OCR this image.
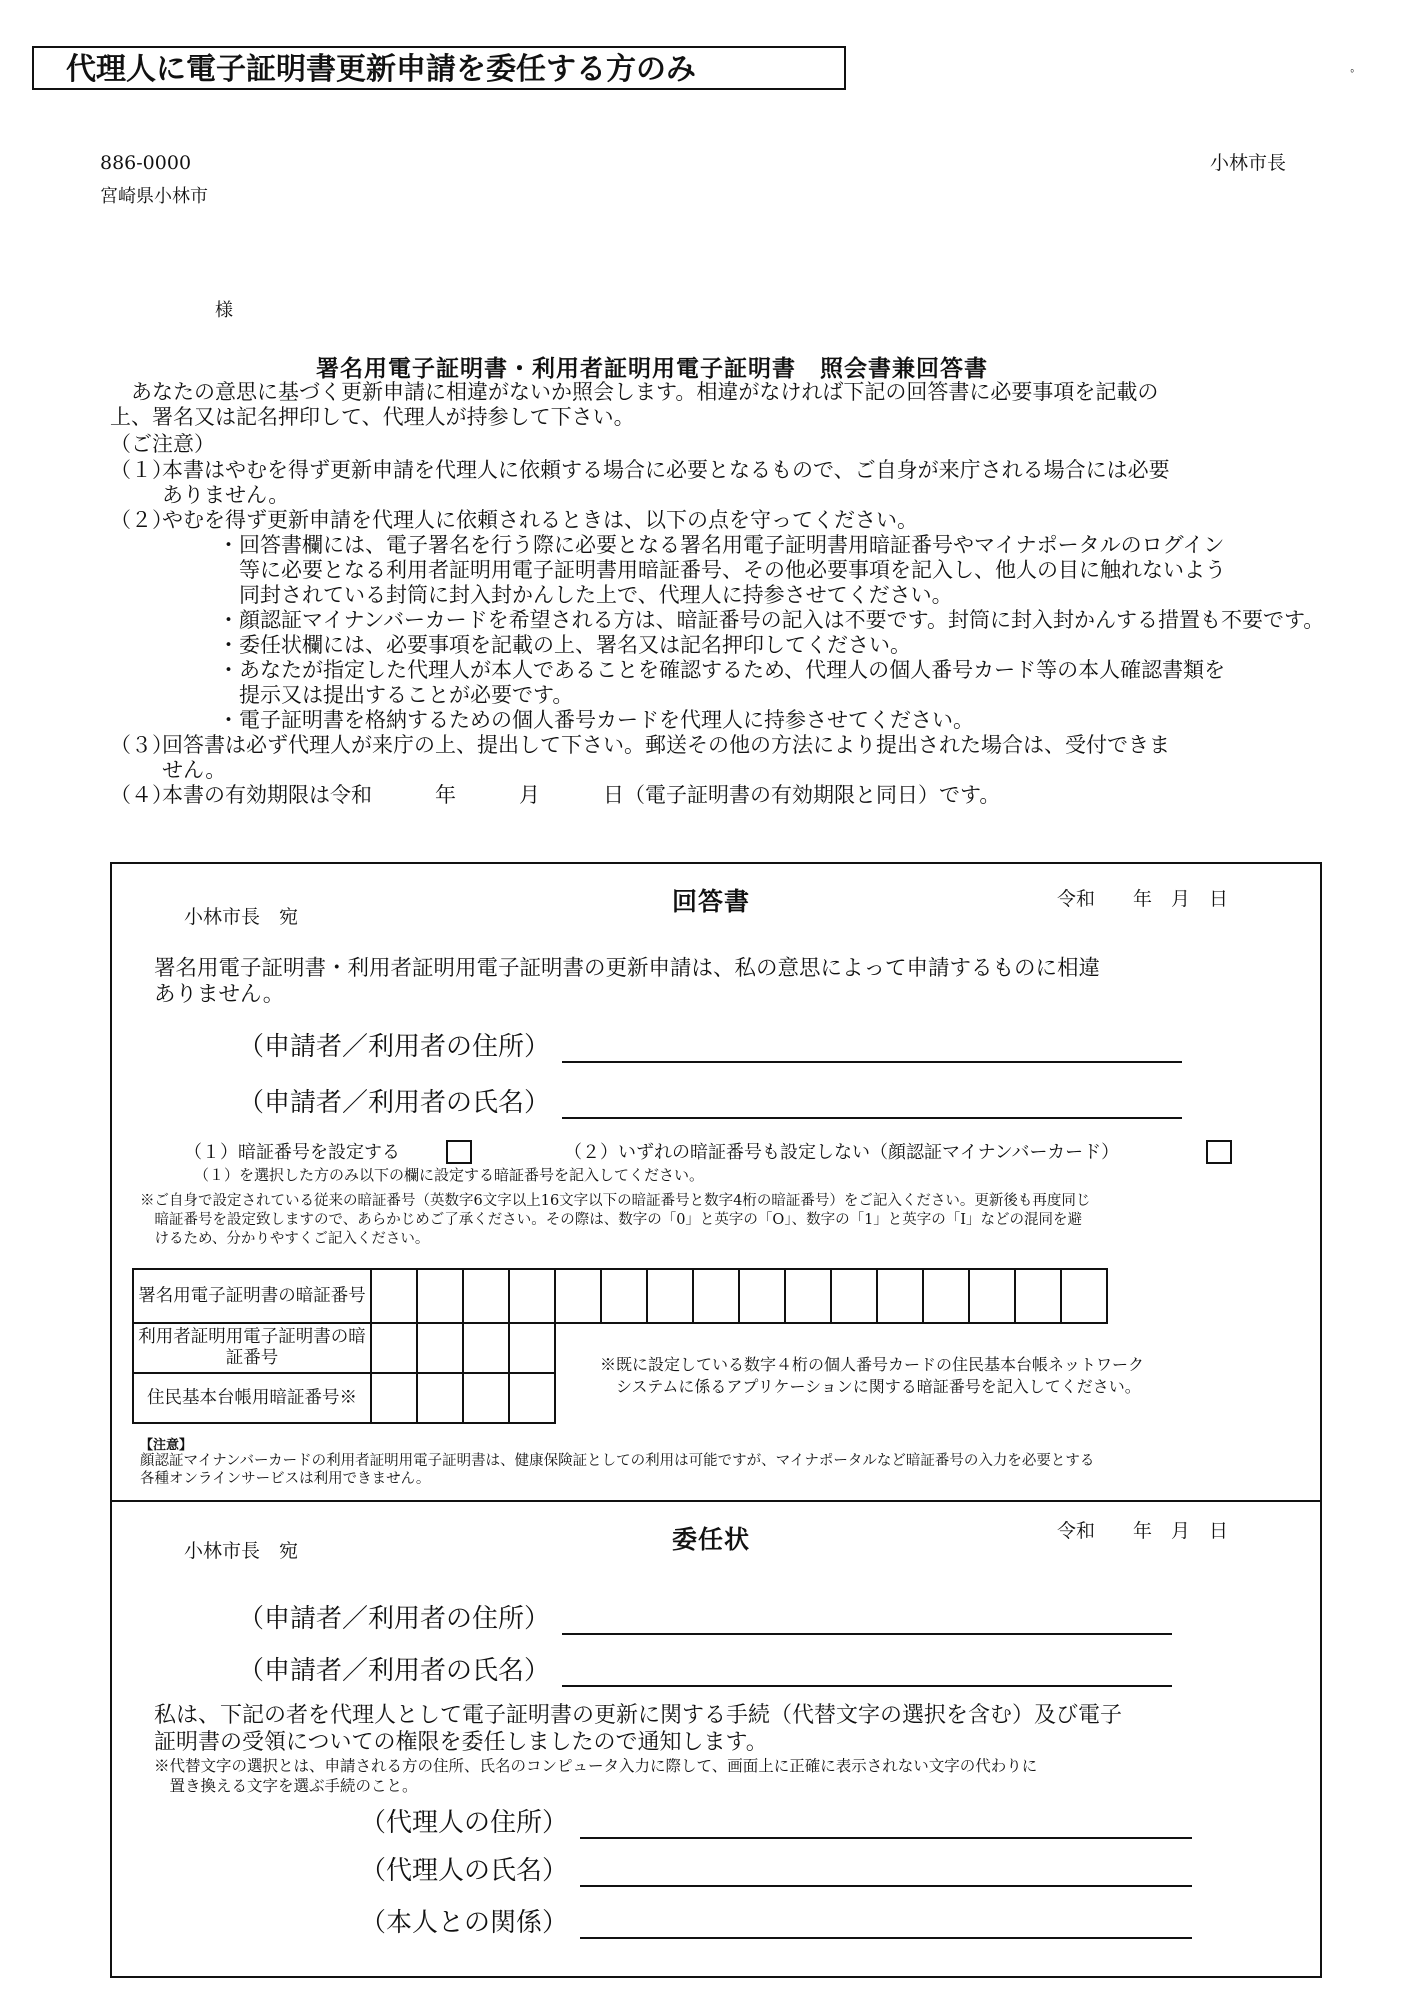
代理人に電子証明書更新申請を委任する方のみ	ﾟ
886-0000
宮崎県小林市
様
小林市長
署名用電子証明書・利用者証明用電子証明書　照会書兼回答書
　あなたの意思に基づく更新申請に相違がないか照会します。相違がなければ下記の回答書に必要事項を記載の
上、署名又は記名押印して、代理人が持参して下さい。
（ご注意）
（１）
本書はやむを得ず更新申請を代理人に依頼する場合に必要となるもので、ご自身が来庁される場合には必要
ありません。
（２）
やむを得ず更新申請を代理人に依頼されるときは、以下の点を守ってください。
・回答書欄には、電子署名を行う際に必要となる署名用電子証明書用暗証番号やマイナポータルのログイン
　等に必要となる利用者証明用電子証明書用暗証番号、その他必要事項を記入し、他人の目に触れないよう
　同封されている封筒に封入封かんした上で、代理人に持参させてください。
・顔認証マイナンバーカードを希望される方は、暗証番号の記入は不要です。封筒に封入封かんする措置も不要です。
・委任状欄には、必要事項を記載の上、署名又は記名押印してください。
・あなたが指定した代理人が本人であることを確認するため、代理人の個人番号カード等の本人確認書類を
　提示又は提出することが必要です。
・電子証明書を格納するための個人番号カードを代理人に持参させてください。
（３）
回答書は必ず代理人が来庁の上、提出して下さい。郵送その他の方法により提出された場合は、受付できま
せん。
（４）
本書の有効期限は令和　　　年　　　月　　　日（電子証明書の有効期限と同日）です。
小林市長　宛
回答書	令和　　年　月　日
署名用電子証明書・利用者証明用電子証明書の更新申請は、私の意思によって申請するものに相違
ありません。
（申請者／利用者の住所）
（申請者／利用者の氏名）
（１）暗証番号を設定する	（２）いずれの暗証番号も設定しない（顔認証マイナンバーカード）
（１）を選択した方のみ以下の欄に設定する暗証番号を記入してください。
※ご自身で設定されている従来の暗証番号（英数字6文字以上16文字以下の暗証番号と数字4桁の暗証番号）をご記入ください。更新後も再度同じ
　暗証番号を設定致しますので、あらかじめご了承ください。その際は、数字の「0」と英字の「O」、数字の「1」と英字の「I」などの混同を避
　けるため、分かりやすくご記入ください。
署名用電子証明書の暗証番号																
利用者証明用電子証明書の暗証番号																
住民基本台帳用暗証番号※																
※既に設定している数字４桁の個人番号カードの住民基本台帳ネットワーク
　システムに係るアプリケーションに関する暗証番号を記入してください。
【注意】
顔認証マイナンバーカードの利用者証明用電子証明書は、健康保険証としての利用は可能ですが、マイナポータルなど暗証番号の入力を必要とする
各種オンラインサービスは利用できません。
小林市長　宛	委任状	令和　　年　月　日
（申請者／利用者の住所）
（申請者／利用者の氏名）
私は、下記の者を代理人として電子証明書の更新に関する手続（代替文字の選択を含む）及び電子
証明書の受領についての権限を委任しましたので通知します。
※代替文字の選択とは、申請される方の住所、氏名のコンピュータ入力に際して、画面上に正確に表示されない文字の代わりに
　置き換える文字を選ぶ手続のこと。
（代理人の住所）
（代理人の氏名）
（本人との関係）
